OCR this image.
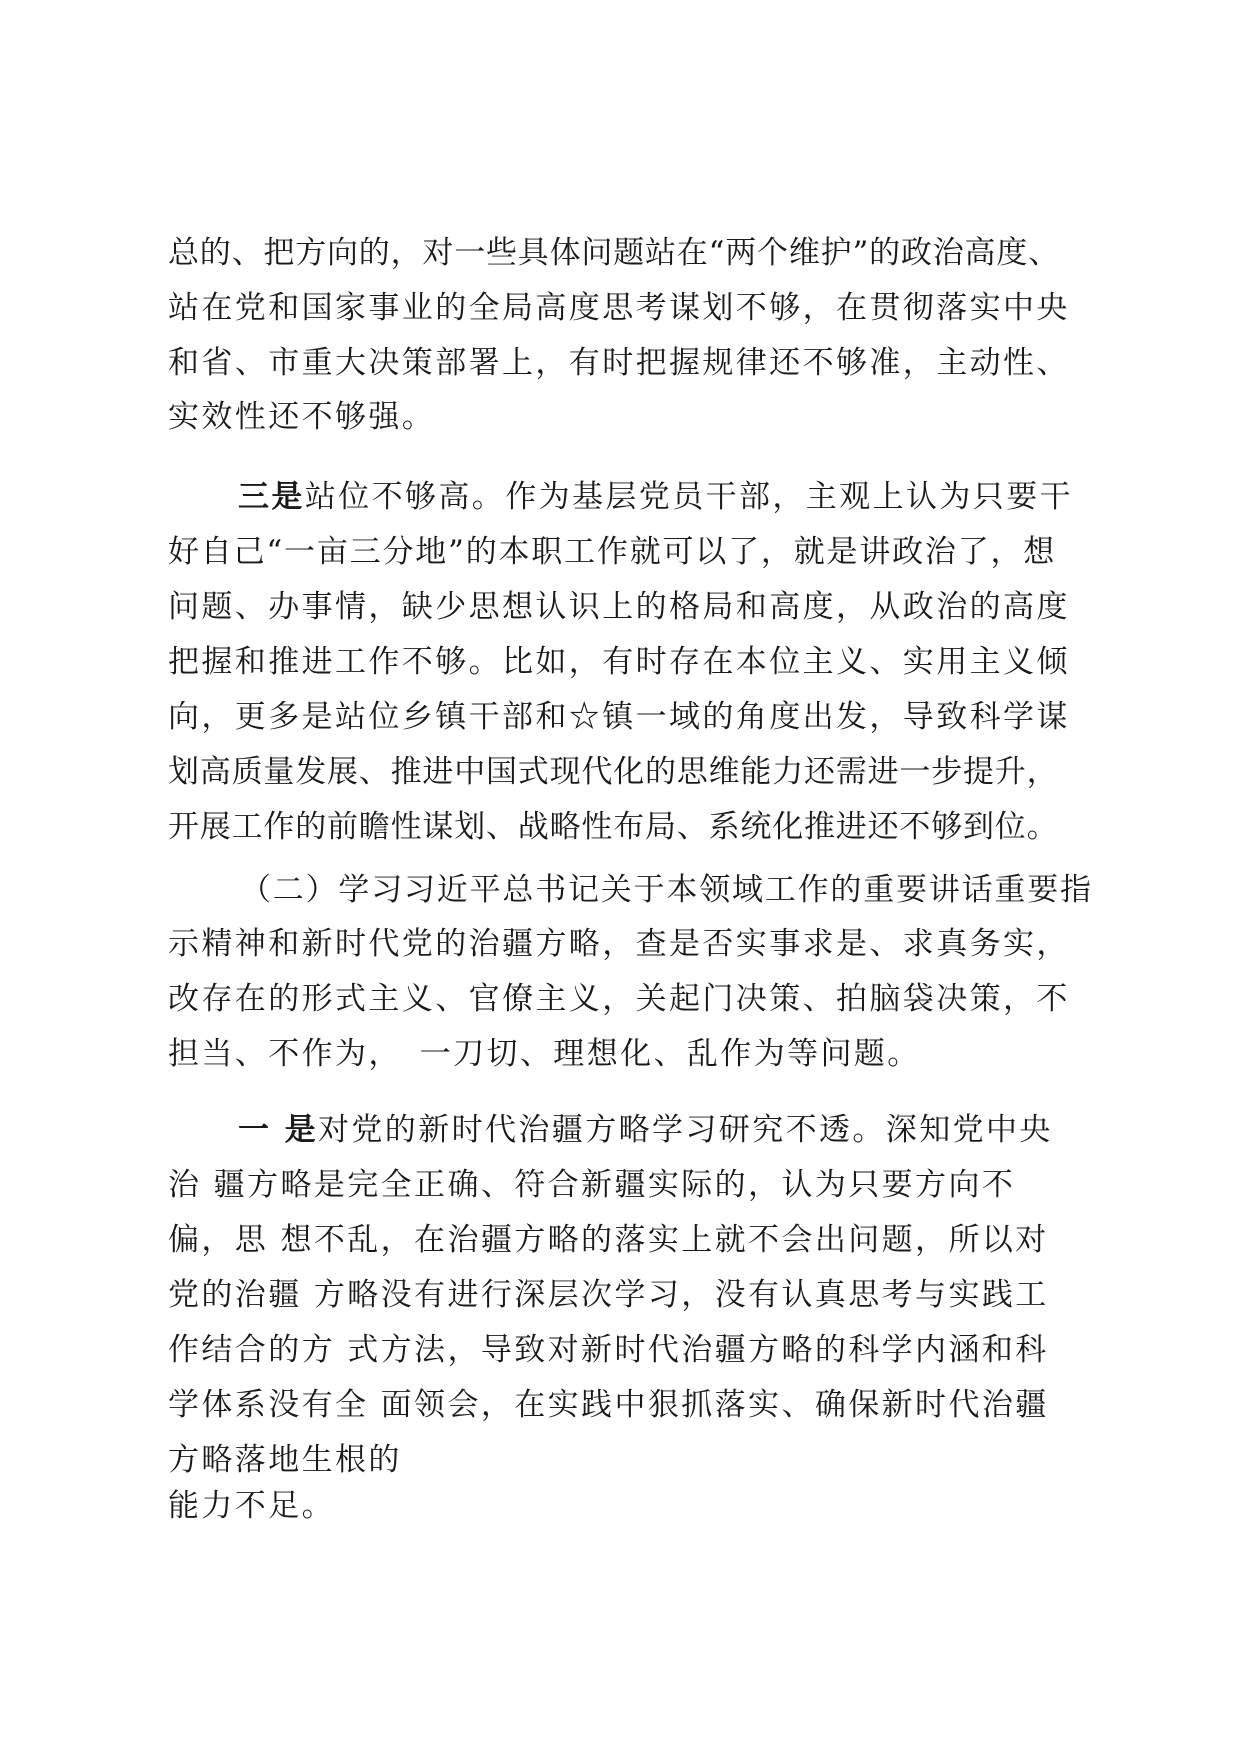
总的、把方向的，对一些具体问题站在“两个维护”的政治高度、

站在党和国家事业的全局高度思考谋划不够，在贯彻落实中央

和省、市重大决策部署上，有时把握规律还不够准，主动性、

实效性还不够强。

三是站位不够高。作为基层党员干部，主观上认为只要干

好自己“一亩三分地”的本职工作就可以了，就是讲政治了，想

问题、办事情，缺少思想认识上的格局和高度，从政治的高度

把握和推进工作不够。比如，有时存在本位主义、实用主义倾

向，更多是站位乡镇干部和☆镇一域的角度出发，导致科学谋

划高质量发展、推进中国式现代化的思维能力还需进一步提升，

开展工作的前瞻性谋划、战略性布局、系统化推进还不够到位。

（二）学习习近平总书记关于本领域工作的重要讲话重要指

示精神和新时代党的治疆方略，查是否实事求是、求真务实，

改存在的形式主义、官僚主义，关起门决策、拍脑袋决策，不

担当、不作为，　一刀切、理想化、乱作为等问题。

一 是对党的新时代治疆方略学习研究不透。深知党中央

治 疆方略是完全正确、符合新疆实际的，认为只要方向不

偏，思 想不乱，在治疆方略的落实上就不会出问题，所以对

党的治疆 方略没有进行深层次学习，没有认真思考与实践工

作结合的方 式方法，导致对新时代治疆方略的科学内涵和科

学体系没有全 面领会，在实践中狠抓落实、确保新时代治疆

方略落地生根的

能力不足。
